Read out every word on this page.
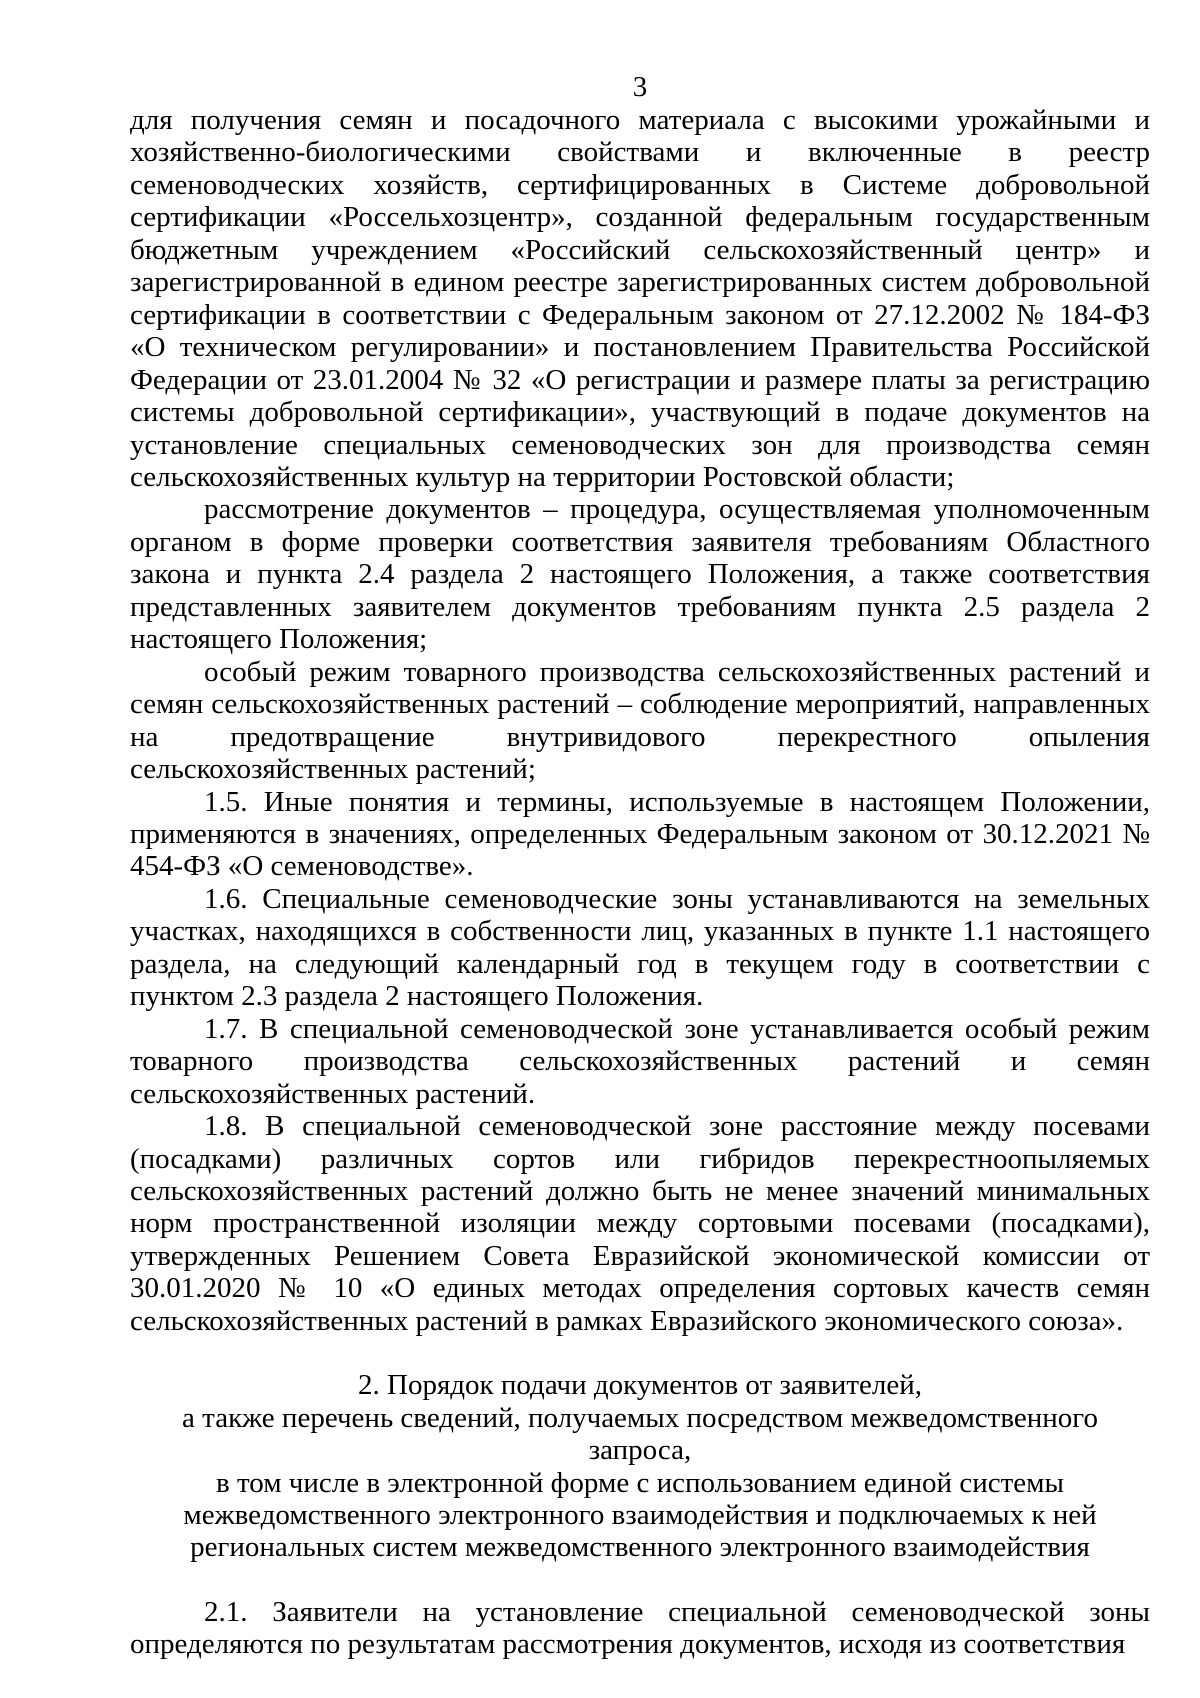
3

для получения семян и посадочного материала с высокими урожайными и хозяйственно-биологическими свойствами и включенные в реестр семеноводческих хозяйств, сертифицированных в Системе добровольной сертификации «Россельхозцентр», созданной федеральным государственным бюджетным учреждением «Российский сельскохозяйственный центр» и зарегистрированной в едином реестре зарегистрированных систем добровольной сертификации в соответствии с Федеральным законом от 27.12.2002 № 184-ФЗ «О техническом регулировании» и постановлением Правительства Российской Федерации от 23.01.2004 № 32 «О регистрации и размере платы за регистрацию системы добровольной сертификации», участвующий в подаче документов на установление специальных семеноводческих зон для производства семян сельскохозяйственных культур на территории Ростовской области;

рассмотрение документов – процедура, осуществляемая уполномоченным органом в форме проверки соответствия заявителя требованиям Областного закона и пункта 2.4 раздела 2 настоящего Положения, а также соответствия представленных заявителем документов требованиям пункта 2.5 раздела 2 настоящего Положения;

особый режим товарного производства сельскохозяйственных растений и семян сельскохозяйственных растений – соблюдение мероприятий, направленных на предотвращение внутривидового перекрестного опыления сельскохозяйственных растений;

1.5. Иные понятия и термины, используемые в настоящем Положении, применяются в значениях, определенных Федеральным законом от 30.12.2021 № 454-ФЗ «О семеноводстве».

1.6. Специальные семеноводческие зоны устанавливаются на земельных участках, находящихся в собственности лиц, указанных в пункте 1.1 настоящего раздела, на следующий календарный год в текущем году в соответствии с пунктом 2.3 раздела 2 настоящего Положения.

1.7. В специальной семеноводческой зоне устанавливается особый режим товарного производства сельскохозяйственных растений и семян сельскохозяйственных растений.

1.8. В специальной семеноводческой зоне расстояние между посевами (посадками) различных сортов или гибридов перекрестноопыляемых сельскохозяйственных растений должно быть не менее значений минимальных норм пространственной изоляции между сортовыми посевами (посадками), утвержденных Решением Совета Евразийской экономической комиссии от 30.01.2020 № 10 «О единых методах определения сортовых качеств семян сельскохозяйственных растений в рамках Евразийского экономического союза».

2. Порядок подачи документов от заявителей,
а также перечень сведений, получаемых посредством межведомственного запроса,
в том числе в электронной форме с использованием единой системы
межведомственного электронного взаимодействия и подключаемых к ней
региональных систем межведомственного электронного взаимодействия

2.1. Заявители на установление специальной семеноводческой зоны определяются по результатам рассмотрения документов, исходя из соответствия
